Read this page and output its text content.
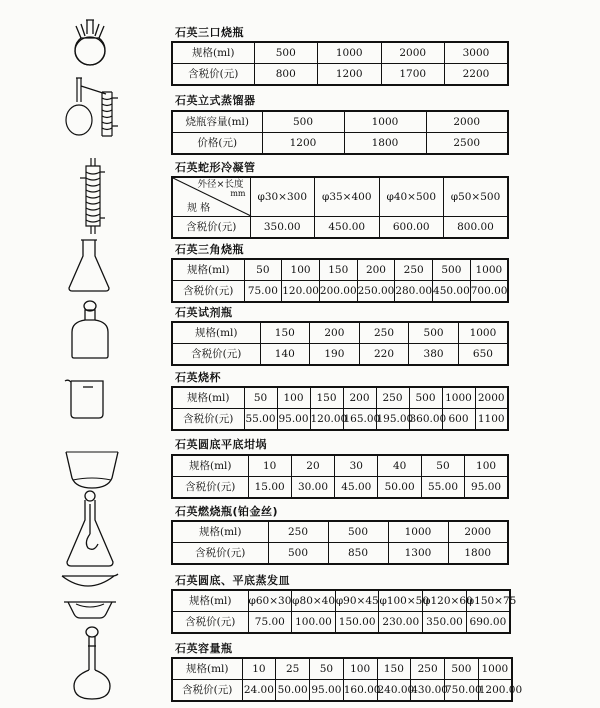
石英三口烧瓶
规格(ml)	500	1000	2000	3000
含税价(元)	800	1200	1700	2200
石英立式蒸馏器
烧瓶容量(ml)	500	1000	2000
价格(元)	1200	1800	2500
石英蛇形冷凝管
外径×长度
mm
规 格	φ30×300	φ35×400	φ40×500	φ50×500
含税价(元)	350.00	450.00	600.00	800.00
石英三角烧瓶
规格(ml)	50	100	150	200	250	500	1000
含税价(元)	75.00	120.00	200.00	250.00	280.00	450.00	700.00
石英试剂瓶
规格(ml)	150	200	250	500	1000
含税价(元)	140	190	220	380	650
石英烧杯
规格(ml)	50	100	150	200	250	500	1000	2000
含税价(元)	55.00	95.00	120.00	165.00	195.00	360.00	600	1100
石英圆底平底坩埚
规格(ml)	10	20	30	40	50	100
含税价(元)	15.00	30.00	45.00	50.00	55.00	95.00
石英燃烧瓶(铂金丝)
规格(ml)	250	500	1000	2000
含税价(元)	500	850	1300	1800
石英圆底、平底蒸发皿
规格(ml)	φ60×30	φ80×40	φ90×45	φ100×50	φ120×60	φ150×75
含税价(元)	75.00	100.00	150.00	230.00	350.00	690.00
石英容量瓶
规格(ml)	10	25	50	100	150	250	500	1000
含税价(元)	24.00	50.00	95.00	160.00	240.00	430.00	750.00	1200.00
